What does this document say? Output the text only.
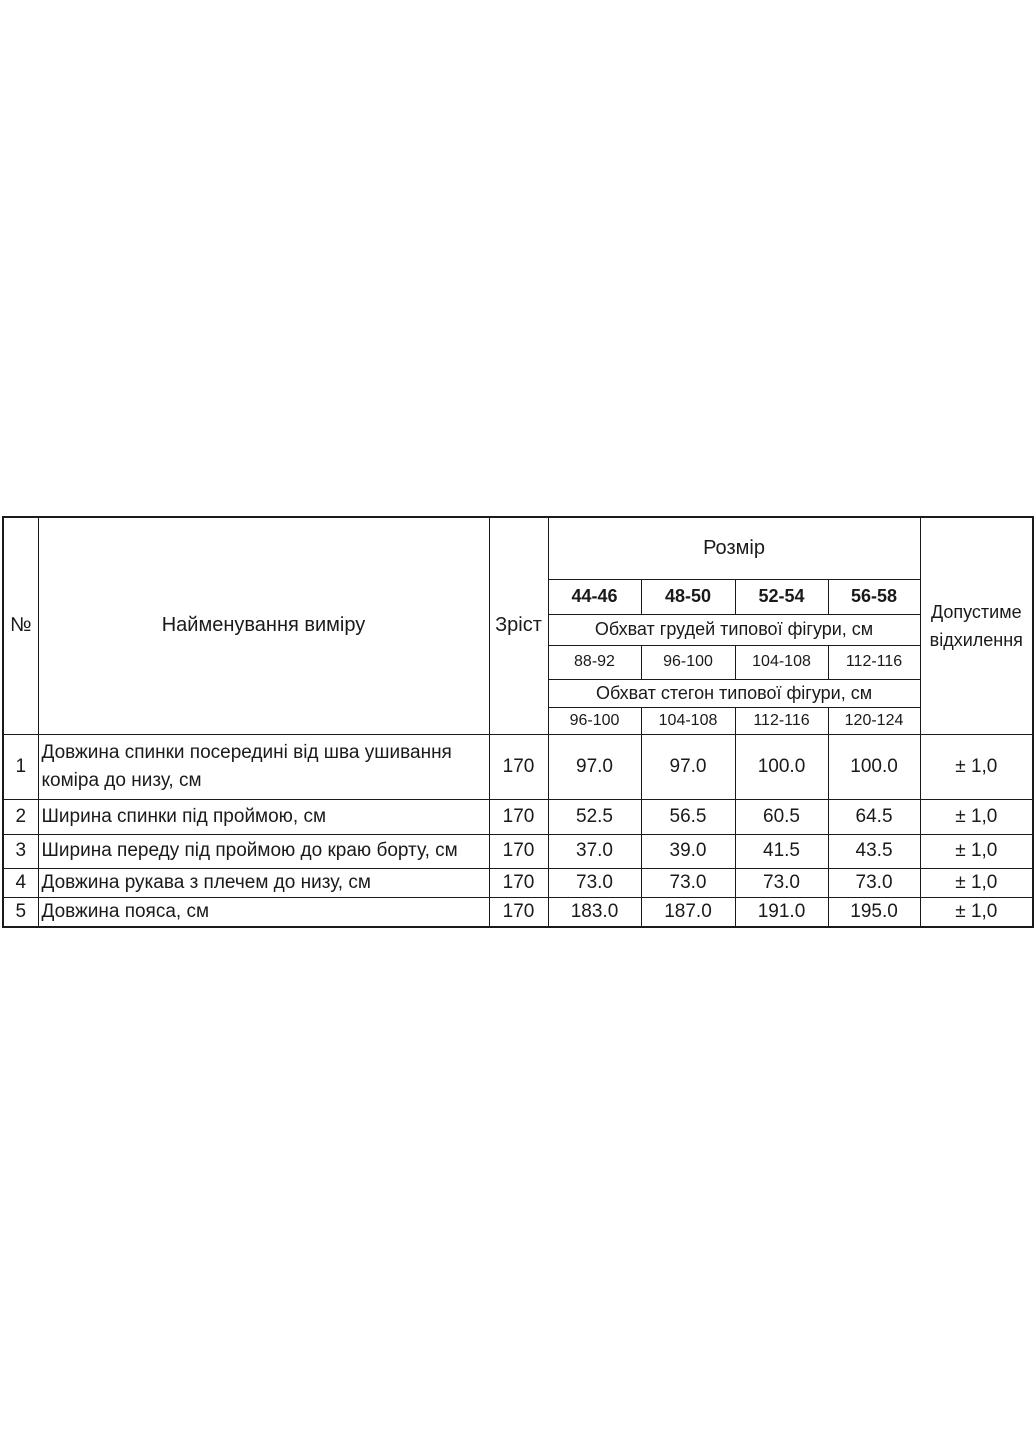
№	Найменування виміру	Зріст	Розмір				Допустиме відхилення
			44-46	48-50	52-54	56-58	
			Обхват грудей типової фігури, см				
			88-92	96-100	104-108	112-116	
			Обхват стегон типової фігури, см				
			96-100	104-108	112-116	120-124	
1	Довжина спинки посередині від шва ушивання коміра до низу, см	170	97.0	97.0	100.0	100.0	± 1,0
2	Ширина спинки під проймою, см	170	52.5	56.5	60.5	64.5	± 1,0
3	Ширина переду під проймою до краю борту, см	170	37.0	39.0	41.5	43.5	± 1,0
4	Довжина рукава з плечем до низу, см	170	73.0	73.0	73.0	73.0	± 1,0
5	Довжина пояса, см	170	183.0	187.0	191.0	195.0	± 1,0
